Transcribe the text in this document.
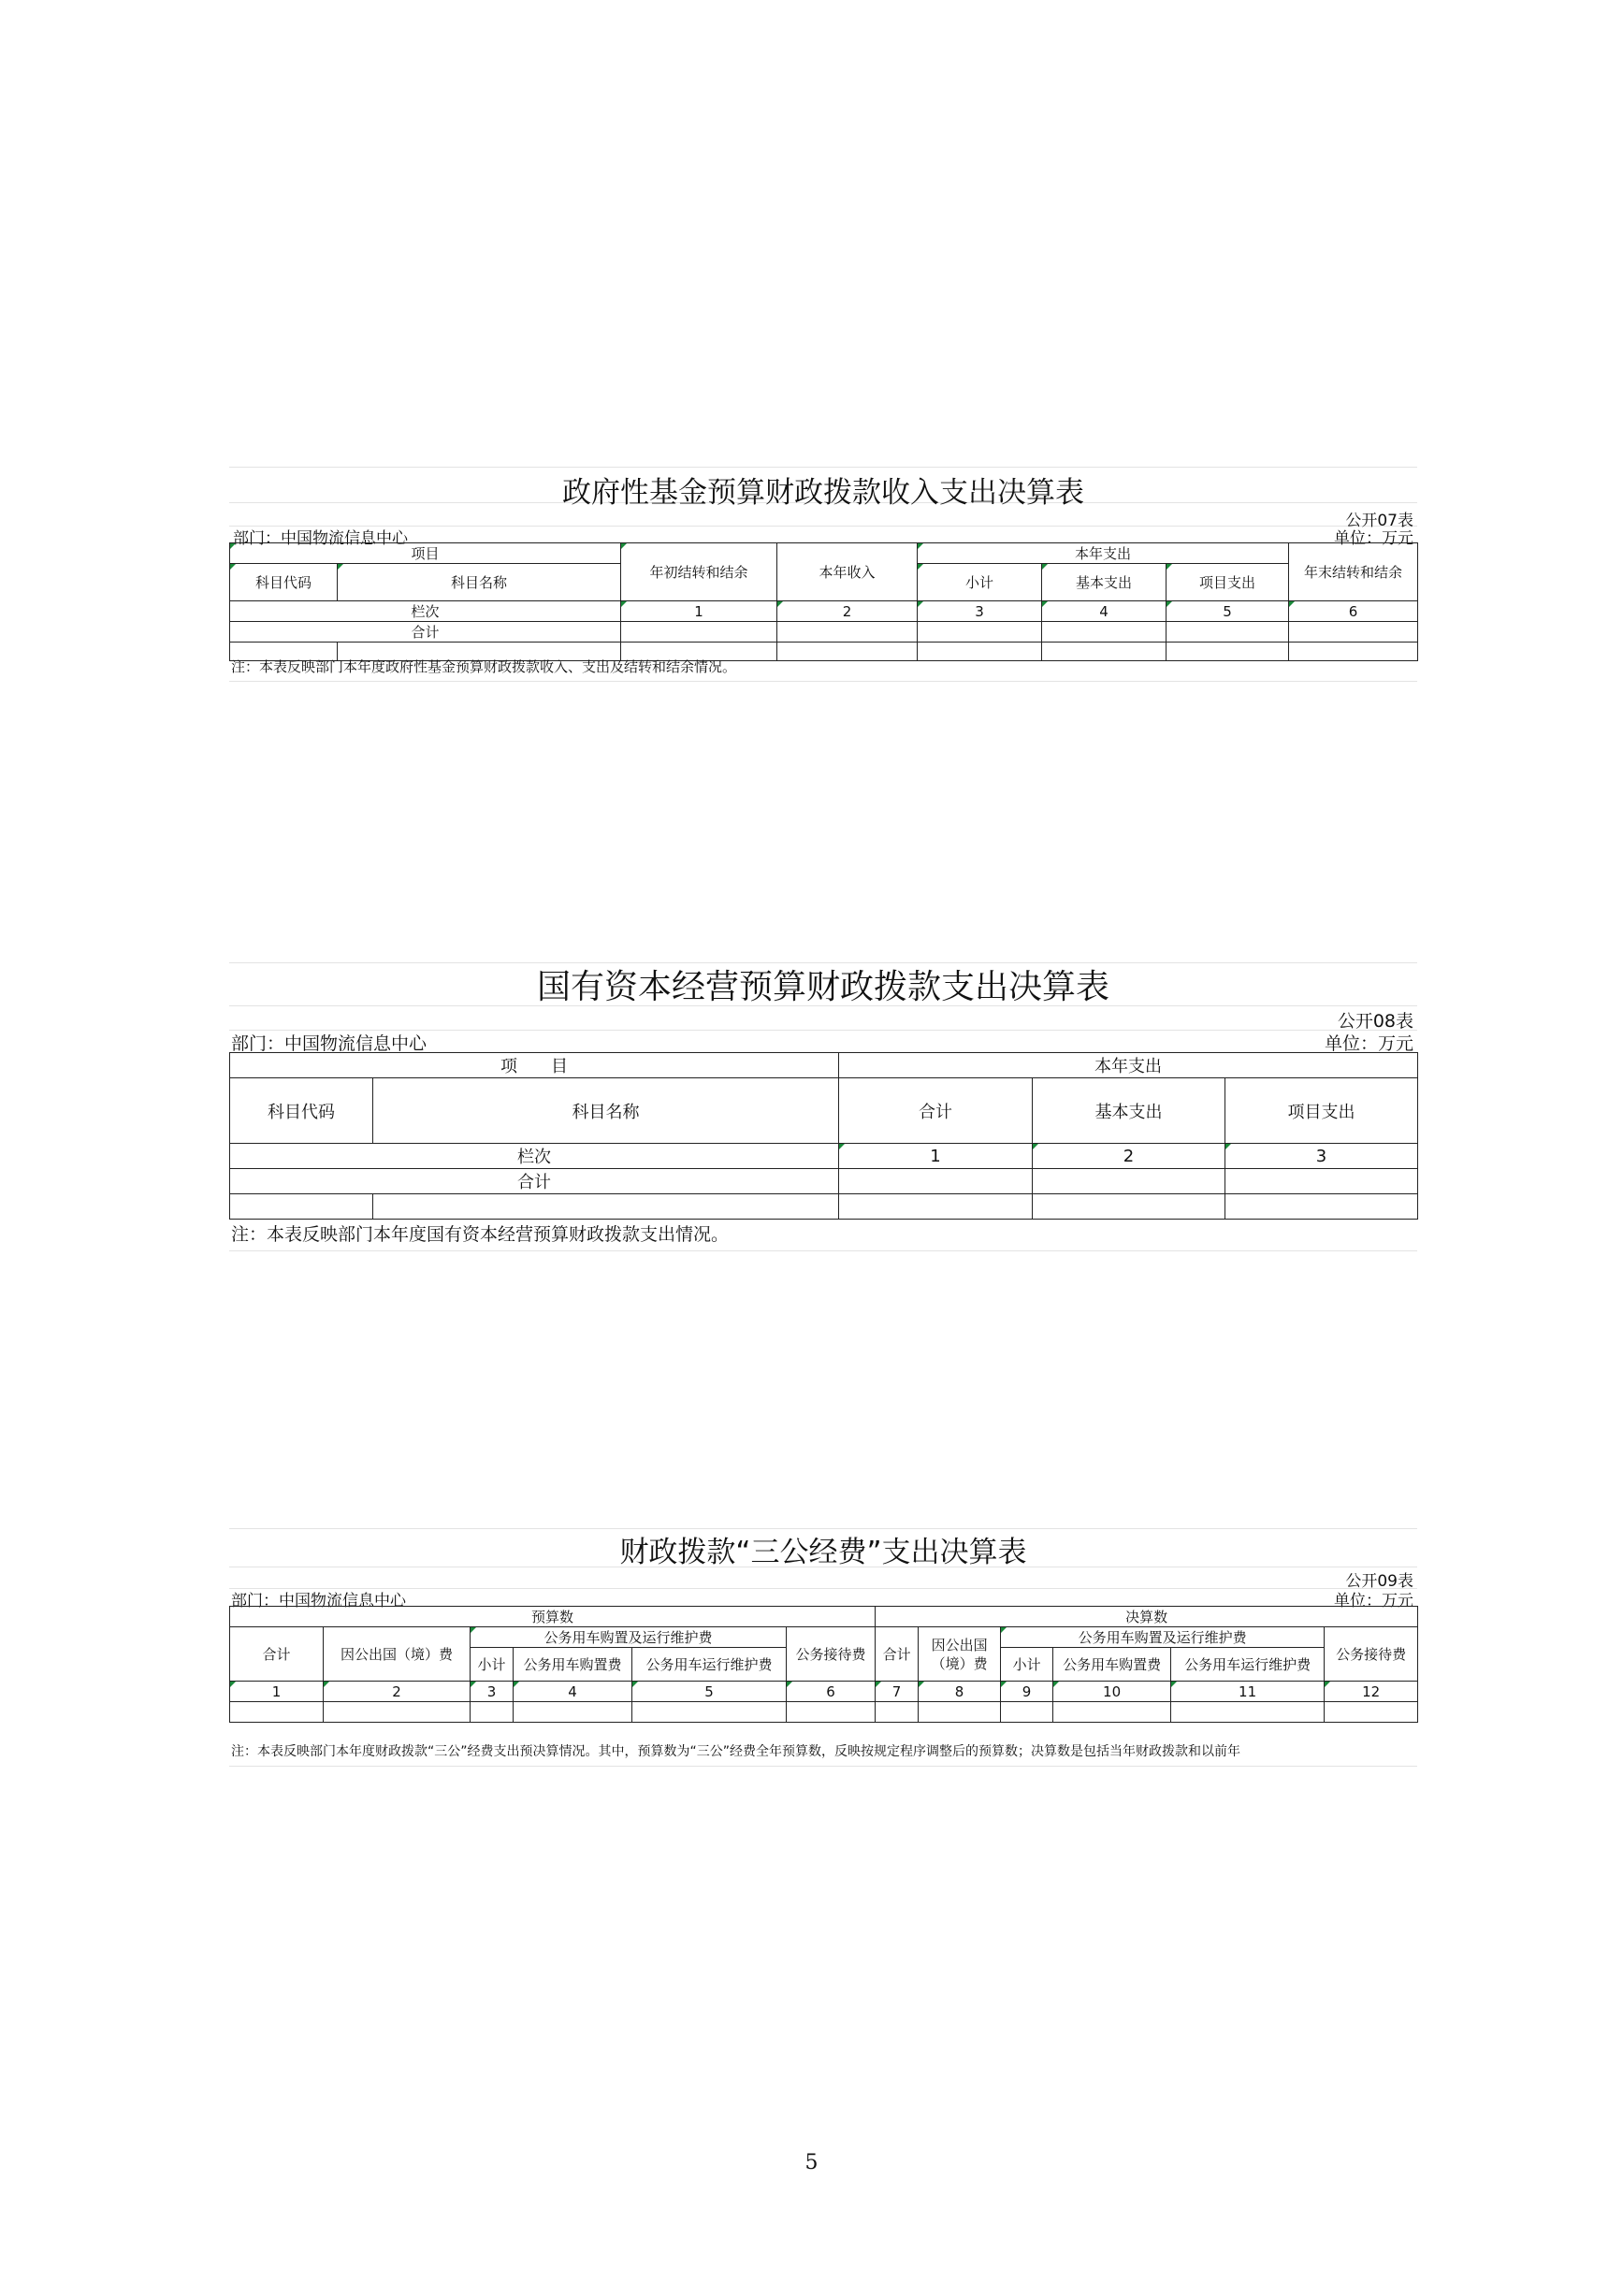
政府性基金预算财政拨款收入支出决算表
公开07表
部门：中国物流信息中心	单位：万元
项目		年初结转和结余	本年收入	本年支出			年末结转和结余
科目代码	科目名称			小计	基本支出	项目支出	
栏次		1	2	3	4	5	6
合计							

注：本表反映部门本年度政府性基金预算财政拨款收入、支出及结转和结余情况。
国有资本经营预算财政拨款支出决算表
公开08表
部门：中国物流信息中心	单位：万元
项　　目		本年支出		
科目代码	科目名称	合计	基本支出	项目支出
栏次		1	2	3
合计				

注：本表反映部门本年度国有资本经营预算财政拨款支出情况。
财政拨款“三公经费”支出决算表
公开09表
部门：中国物流信息中心	单位：万元
预算数						决算数					
合计	因公出国（境）费	公务用车购置及运行维护费			公务接待费	合计	因公出国（境）费	公务用车购置及运行维护费			公务接待费
		小计	公务用车购置费	公务用车运行维护费				小计	公务用车购置费	公务用车运行维护费	
1	2	3	4	5	6	7	8	9	10	11	12

注：本表反映部门本年度财政拨款“三公”经费支出预决算情况。其中，预算数为“三公”经费全年预算数，反映按规定程序调整后的预算数；决算数是包括当年财政拨款和以前年
5
